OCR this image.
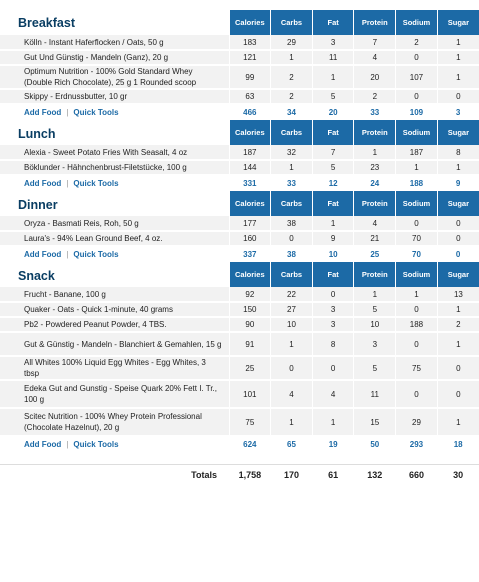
Breakfast	Calories	Carbs	Fat	Protein	Sodium	Sugar
Kölln - Instant Haferflocken / Oats, 50 g	183	29	3	7	2	1
Gut Und Günstig - Mandeln (Ganz), 20 g	121	1	11	4	0	1
Optimum Nutrition - 100% Gold Standard Whey (Double Rich Chocolate), 25 g 1 Rounded scoop	99	2	1	20	107	1
Skippy - Erdnussbutter, 10 gr	63	2	5	2	0	0
Add Food | Quick Tools	466	34	20	33	109	3
Lunch	Calories	Carbs	Fat	Protein	Sodium	Sugar
Alexia - Sweet Potato Fries With Seasalt, 4 oz	187	32	7	1	187	8
Böklunder - Hähnchenbrust-Filetstücke, 100 g	144	1	5	23	1	1
Add Food | Quick Tools	331	33	12	24	188	9
Dinner	Calories	Carbs	Fat	Protein	Sodium	Sugar
Oryza - Basmati Reis, Roh, 50 g	177	38	1	4	0	0
Laura's - 94% Lean Ground Beef, 4 oz.	160	0	9	21	70	0
Add Food | Quick Tools	337	38	10	25	70	0
Snack	Calories	Carbs	Fat	Protein	Sodium	Sugar
Frucht - Banane, 100 g	92	22	0	1	1	13
Quaker - Oats - Quick 1-minute, 40 grams	150	27	3	5	0	1
Pb2 - Powdered Peanut Powder, 4 TBS.	90	10	3	10	188	2
Gut & Günstig - Mandeln - Blanchiert & Gemahlen, 15 g	91	1	8	3	0	1
All Whites 100% Liquid Egg Whites - Egg Whites, 3 tbsp	25	0	0	5	75	0
Edeka Gut and Gunstig - Speise Quark 20% Fett I. Tr., 100 g	101	4	4	11	0	0
Scitec Nutrition - 100% Whey Protein Professional (Chocolate Hazelnut), 20 g	75	1	1	15	29	1
Add Food | Quick Tools	624	65	19	50	293	18

Totals	1,758	170	61	132	660	30
